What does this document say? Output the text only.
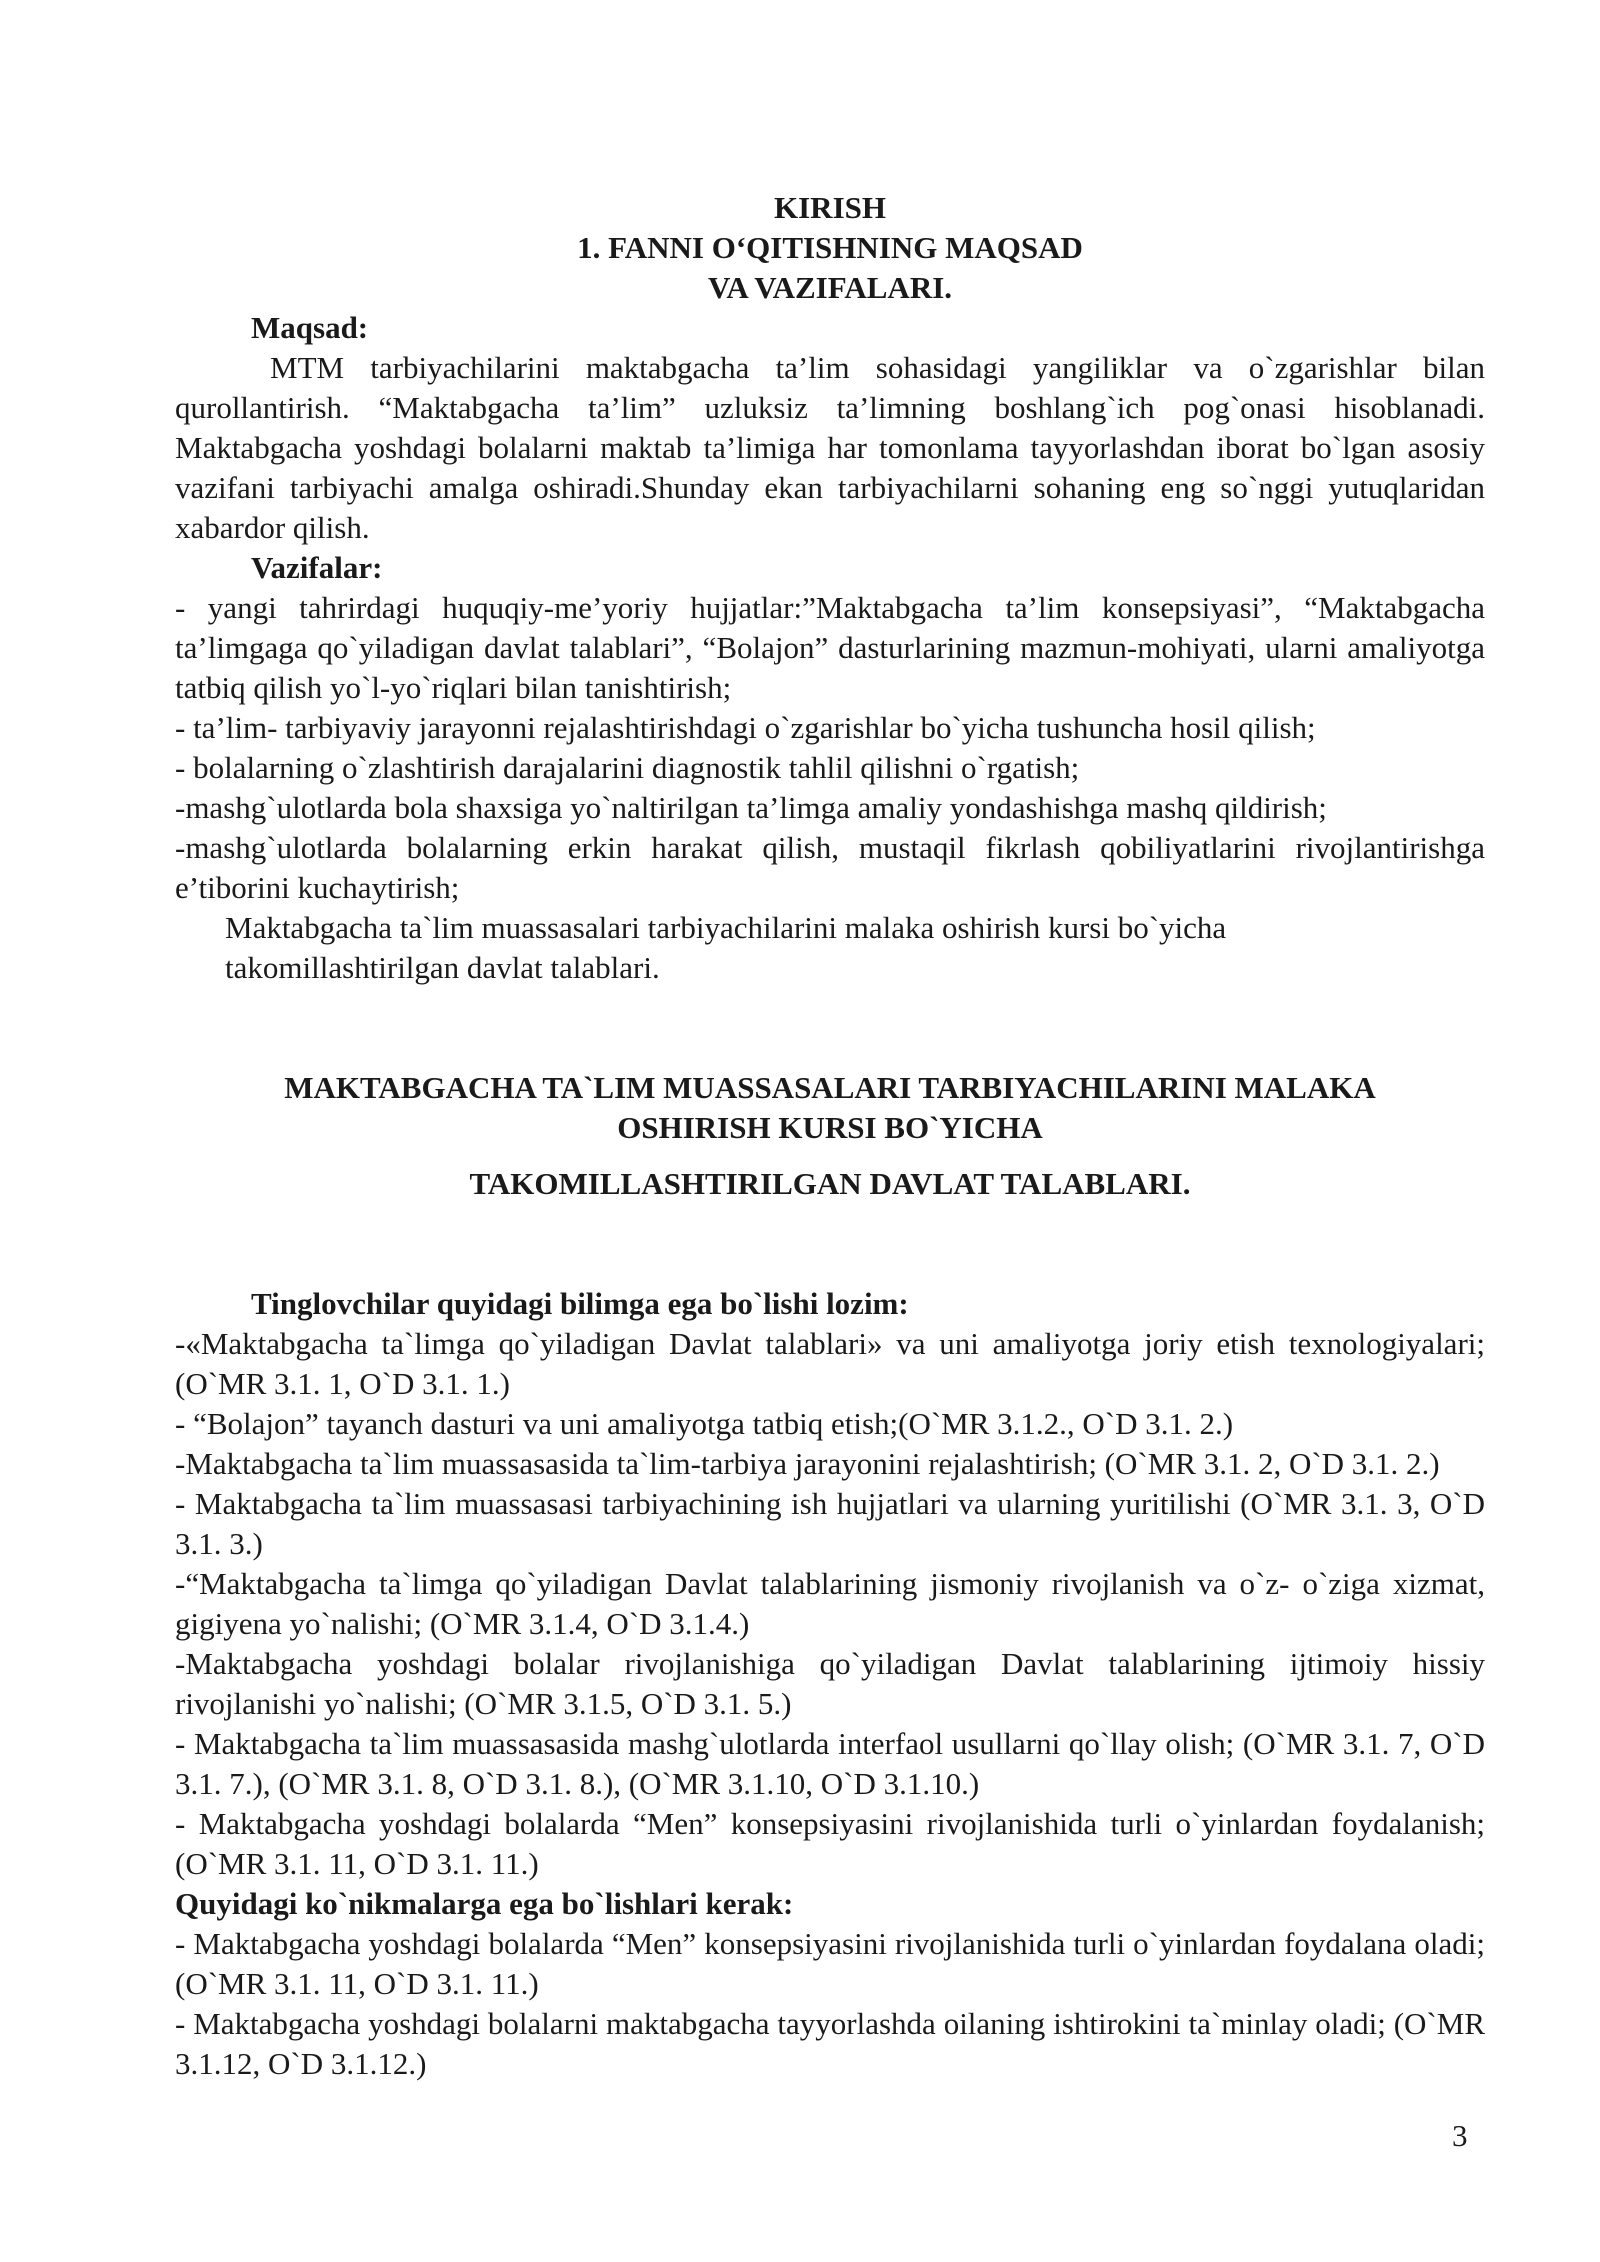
KIRISH
1. FANNI O‘QITISHNING MAQSAD
VA VAZIFALARI.
Maqsad:

MTM tarbiyachilarini maktabgacha ta’lim sohasidagi yangiliklar va o`zgarishlar bilan qurollantirish. “Maktabgacha ta’lim” uzluksiz ta’limning boshlang`ich pog`onasi hisoblanadi. Maktabgacha yoshdagi bolalarni maktab ta’limiga har tomonlama tayyorlashdan iborat bo`lgan asosiy vazifani tarbiyachi amalga oshiradi.Shunday ekan tarbiyachilarni sohaning eng so`nggi yutuqlaridan xabardor qilish.

Vazifalar:

- yangi tahrirdagi huquqiy-me’yoriy hujjatlar:”Maktabgacha ta’lim konsepsiyasi”, “Maktabgacha ta’limgaga qo`yiladigan davlat talablari”, “Bolajon” dasturlarining mazmun-mohiyati, ularni amaliyotga tatbiq qilish yo`l-yo`riqlari bilan tanishtirish;

- ta’lim- tarbiyaviy jarayonni rejalashtirishdagi o`zgarishlar bo`yicha tushuncha hosil qilish;

- bolalarning o`zlashtirish darajalarini diagnostik tahlil qilishni o`rgatish;

-mashg`ulotlarda bola shaxsiga yo`naltirilgan ta’limga amaliy yondashishga mashq qildirish;

-mashg`ulotlarda bolalarning erkin harakat qilish, mustaqil fikrlash qobiliyatlarini rivojlantirishga e’tiborini kuchaytirish;

Maktabgacha ta`lim muassasalari tarbiyachilarini malaka oshirish kursi bo`yicha takomillashtirilgan davlat talablari.

MAKTABGACHA TA`LIM MUASSASALARI TARBIYACHILARINI MALAKA
OSHIRISH KURSI BO`YICHA
TAKOMILLASHTIRILGAN DAVLAT TALABLARI.
Tinglovchilar quyidagi bilimga ega bo`lishi lozim:

-«Maktabgacha ta`limga qo`yiladigan Davlat talablari» va uni amaliyotga joriy etish texnologiyalari; (O`MR 3.1. 1, O`D 3.1. 1.)

- “Bolajon” tayanch dasturi va uni amaliyotga tatbiq etish;(O`MR 3.1.2., O`D 3.1. 2.)

-Maktabgacha ta`lim muassasasida ta`lim-tarbiya jarayonini rejalashtirish; (O`MR 3.1. 2, O`D 3.1. 2.)

- Maktabgacha ta`lim muassasasi tarbiyachining ish hujjatlari va ularning yuritilishi (O`MR 3.1. 3, O`D 3.1. 3.)

-“Maktabgacha ta`limga qo`yiladigan Davlat talablarining jismoniy rivojlanish va o`z- o`ziga xizmat, gigiyena yo`nalishi; (O`MR 3.1.4, O`D 3.1.4.)

-Maktabgacha yoshdagi bolalar rivojlanishiga qo`yiladigan Davlat talablarining ijtimoiy hissiy rivojlanishi yo`nalishi; (O`MR 3.1.5, O`D 3.1. 5.)

- Maktabgacha ta`lim muassasasida mashg`ulotlarda interfaol usullarni qo`llay olish; (O`MR 3.1. 7, O`D 3.1. 7.), (O`MR 3.1. 8, O`D 3.1. 8.), (O`MR 3.1.10, O`D 3.1.10.)

- Maktabgacha yoshdagi bolalarda “Men” konsepsiyasini rivojlanishida turli o`yinlardan foydalanish; (O`MR 3.1. 11, O`D 3.1. 11.)

Quyidagi ko`nikmalarga ega bo`lishlari kerak:

- Maktabgacha yoshdagi bolalarda “Men” konsepsiyasini rivojlanishida turli o`yinlardan foydalana oladi; (O`MR 3.1. 11, O`D 3.1. 11.)

- Maktabgacha yoshdagi bolalarni maktabgacha tayyorlashda oilaning ishtirokini ta`minlay oladi; (O`MR 3.1.12, O`D 3.1.12.)

3
